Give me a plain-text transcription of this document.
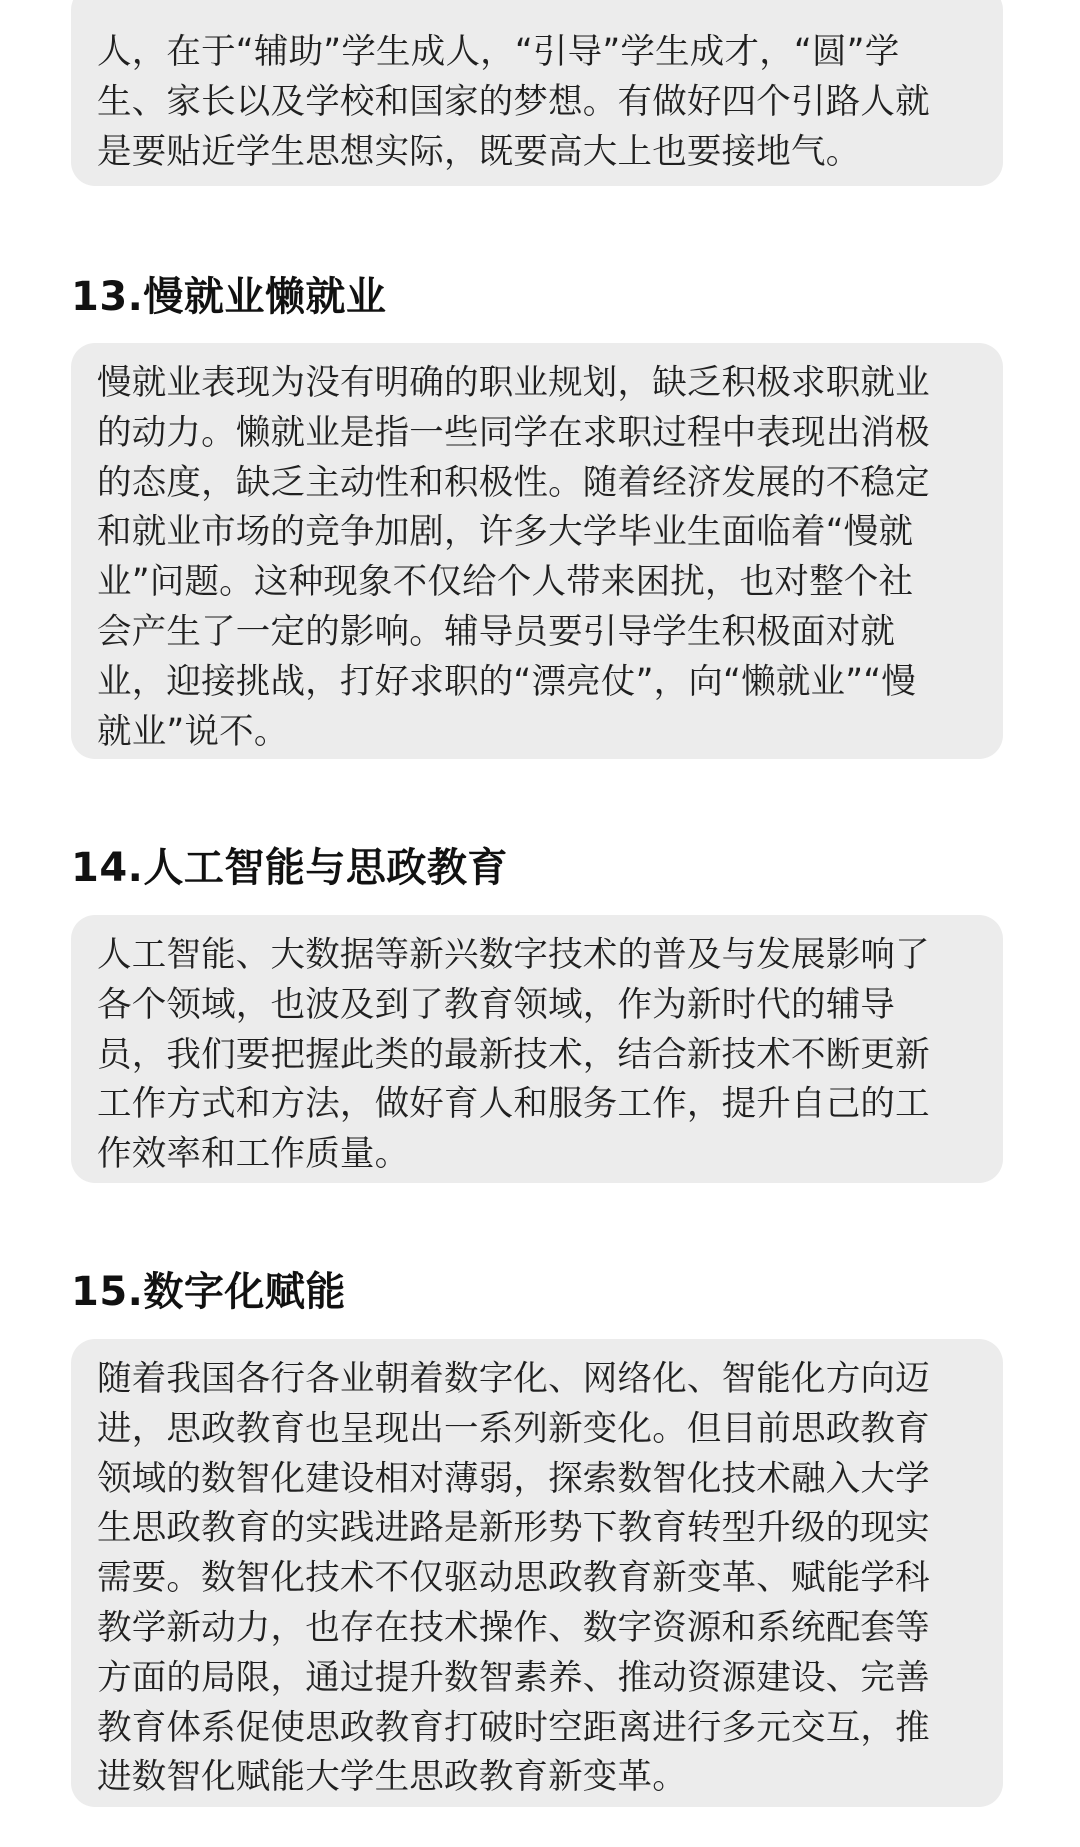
人，在于“辅助”学生成人，“引导”学生成才，“圆”学
生、家长以及学校和国家的梦想。有做好四个引路人就
是要贴近学生思想实际，既要高大上也要接地气。
13.慢就业懒就业
慢就业表现为没有明确的职业规划，缺乏积极求职就业
的动力。懒就业是指一些同学在求职过程中表现出消极
的态度，缺乏主动性和积极性。随着经济发展的不稳定
和就业市场的竞争加剧，许多大学毕业生面临着“慢就
业”问题。这种现象不仅给个人带来困扰，也对整个社
会产生了一定的影响。辅导员要引导学生积极面对就
业，迎接挑战，打好求职的“漂亮仗”，向“懒就业”“慢
就业”说不。
14.人工智能与思政教育
人工智能、大数据等新兴数字技术的普及与发展影响了
各个领域，也波及到了教育领域，作为新时代的辅导
员，我们要把握此类的最新技术，结合新技术不断更新
工作方式和方法，做好育人和服务工作，提升自己的工
作效率和工作质量。
15.数字化赋能
随着我国各行各业朝着数字化、网络化、智能化方向迈
进，思政教育也呈现出一系列新变化。但目前思政教育
领域的数智化建设相对薄弱，探索数智化技术融入大学
生思政教育的实践进路是新形势下教育转型升级的现实
需要。数智化技术不仅驱动思政教育新变革、赋能学科
教学新动力，也存在技术操作、数字资源和系统配套等
方面的局限，通过提升数智素养、推动资源建设、完善
教育体系促使思政教育打破时空距离进行多元交互，推
进数智化赋能大学生思政教育新变革。
